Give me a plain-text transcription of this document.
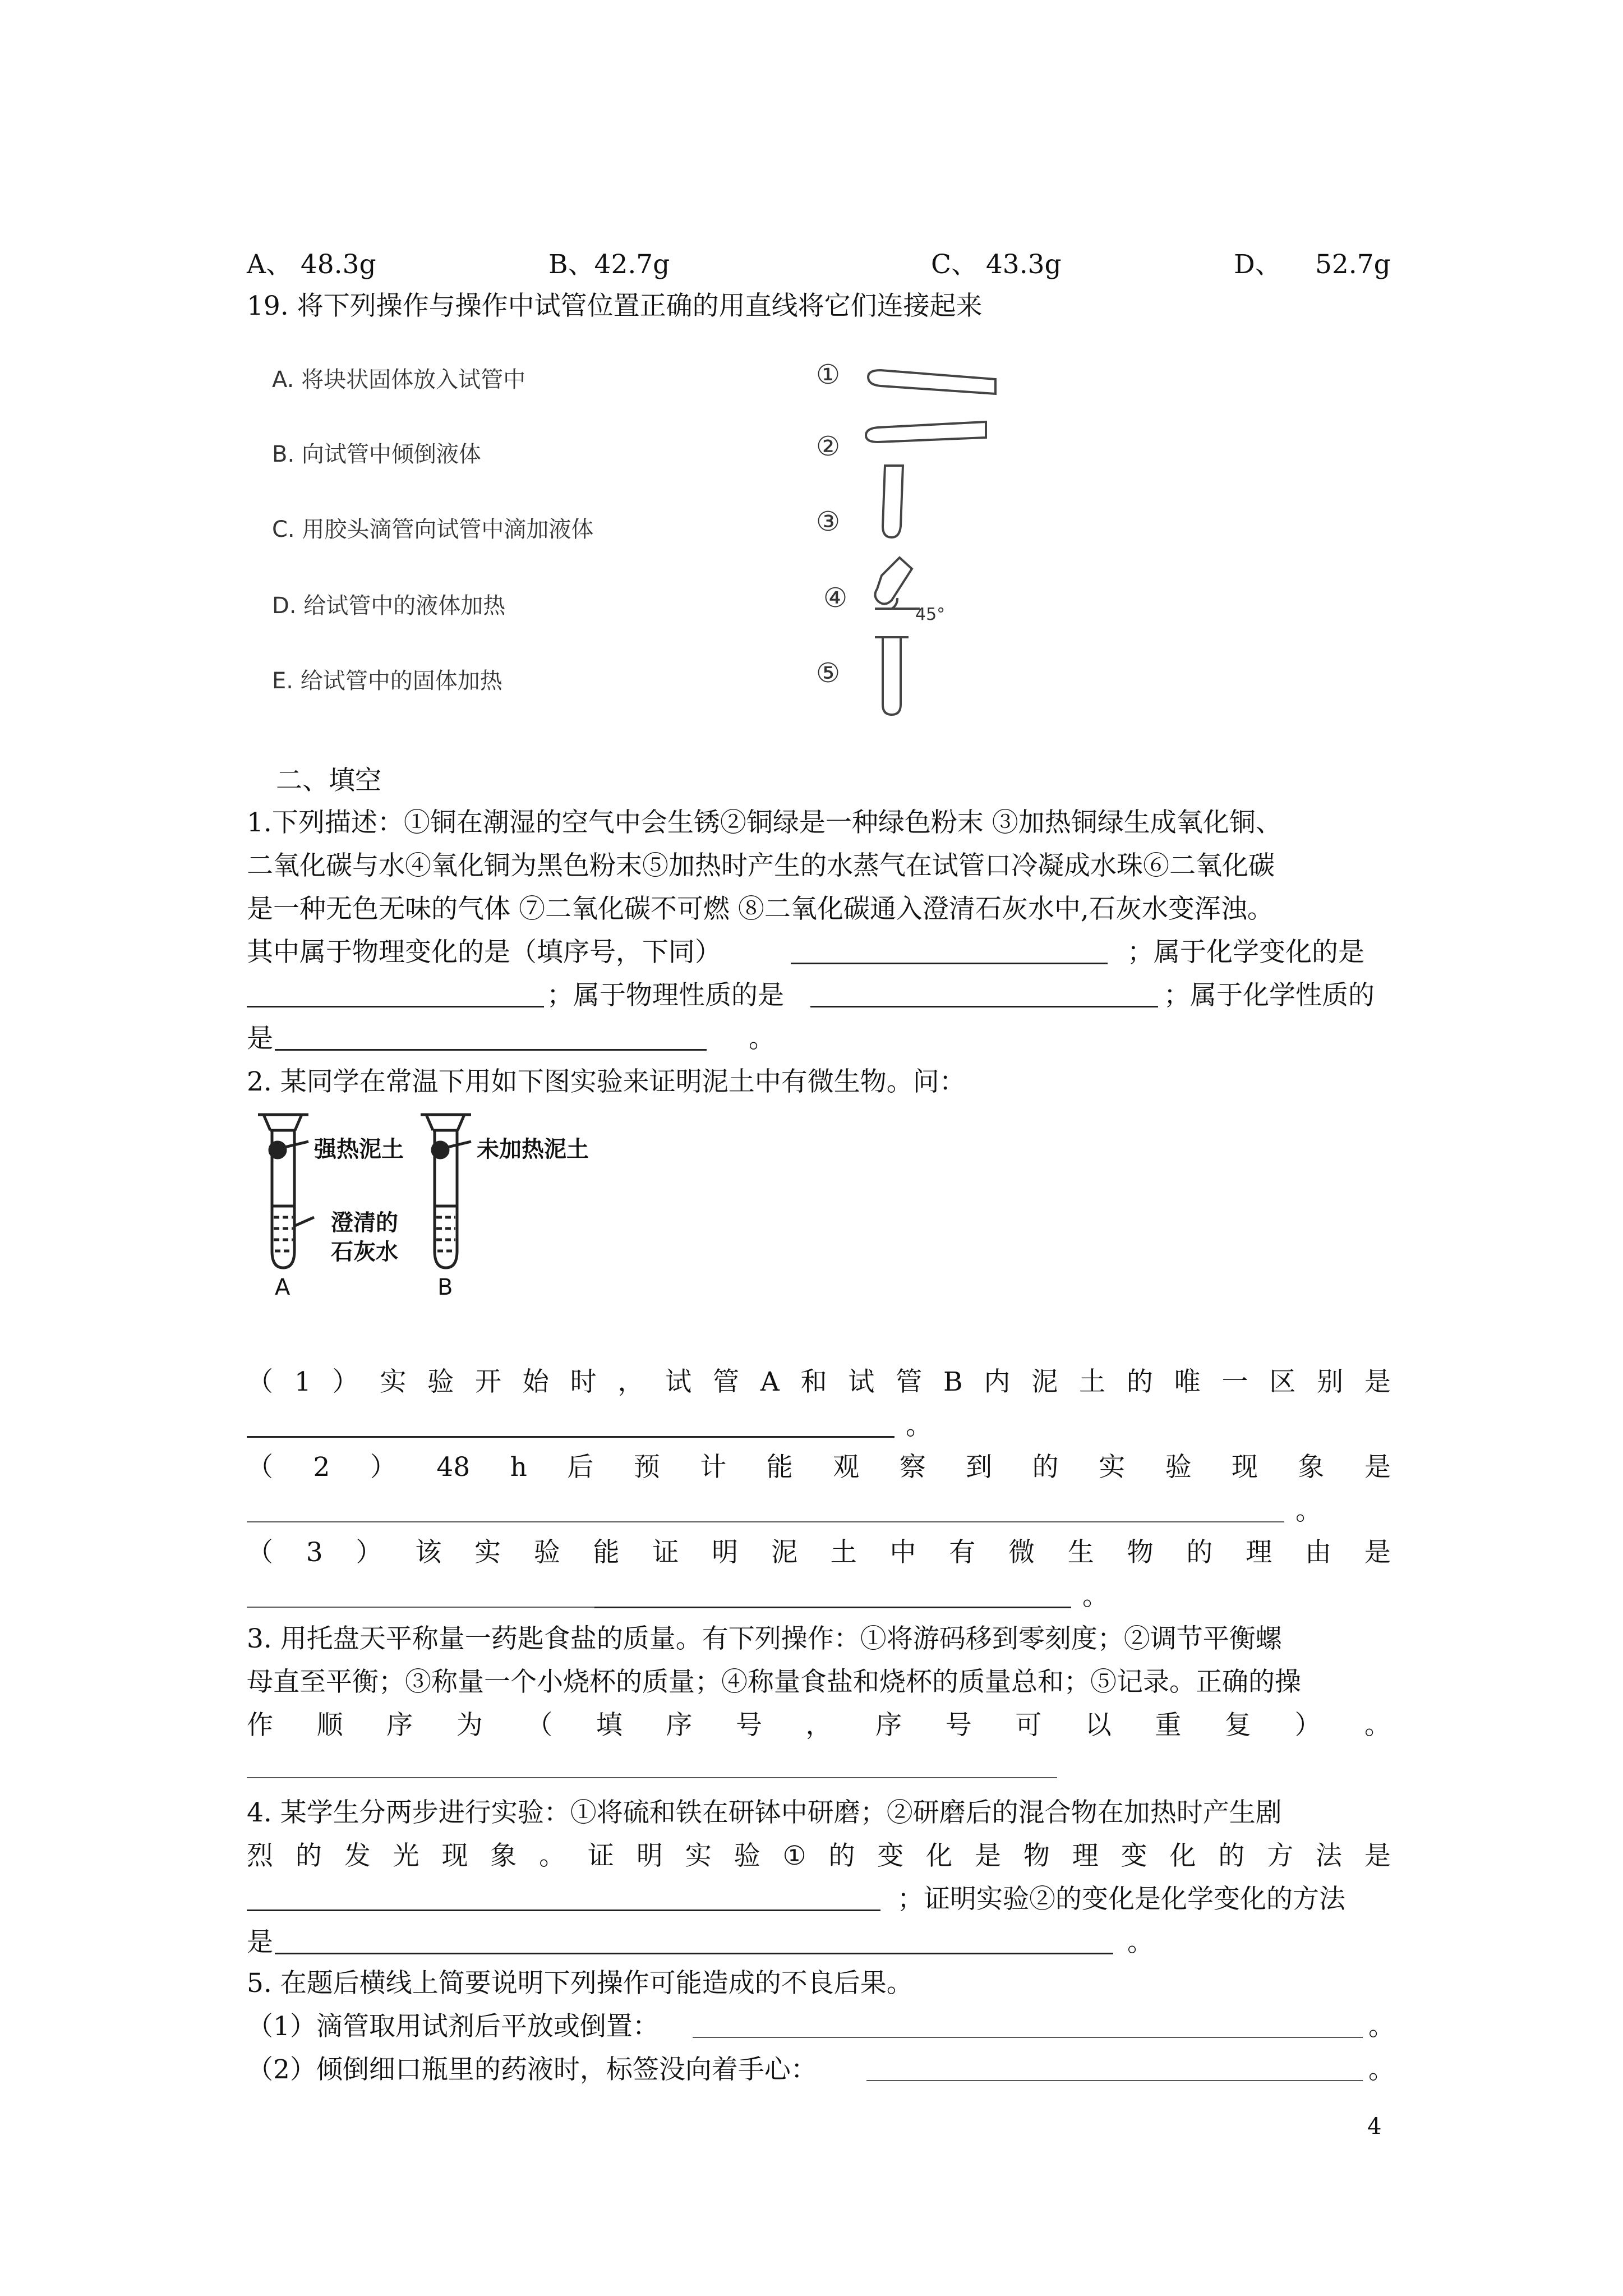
A、 48.3g	B、42.7g	C、 43.3g	D、 52.7g
19. 将下列操作与操作中试管位置正确的用直线将它们连接起来
A. 将块状固体放入试管中
B. 向试管中倾倒液体
C. 用胶头滴管向试管中滴加液体
D. 给试管中的液体加热
E. 给试管中的固体加热
①
②
③
④
⑤
45°
二、填空
1.下列描述：①铜在潮湿的空气中会生锈②铜绿是一种绿色粉末 ③加热铜绿生成氧化铜、
二氧化碳与水④氧化铜为黑色粉末⑤加热时产生的水蒸气在试管口冷凝成水珠⑥二氧化碳
是一种无色无味的气体 ⑦二氧化碳不可燃 ⑧二氧化碳通入澄清石灰水中,石灰水变浑浊。
其中属于物理变化的是（填序号，下同）	；属于化学变化的是
；属于物理性质的是	；属于化学性质的
是	。
2. 某同学在常温下用如下图实验来证明泥土中有微生物。问：
强热泥土	未加热泥土
澄清的
石灰水
A	B
（ 1 ） 实 验 开 始 时 ， 试 管 A 和 试 管 B 内 泥 土 的 唯 一 区 别 是
。
（ 2 ） 48 h 后 预 计 能 观 察 到 的 实 验 现 象 是
。
（ 3 ） 该 实 验 能 证 明 泥 土 中 有 微 生 物 的 理 由 是
。
3. 用托盘天平称量一药匙食盐的质量。有下列操作：①将游码移到零刻度；②调节平衡螺
母直至平衡；③称量一个小烧杯的质量；④称量食盐和烧杯的质量总和；⑤记录。正确的操
作 顺 序 为 （ 填 序 号 ， 序 号 可 以 重 复 ） 。
4. 某学生分两步进行实验：①将硫和铁在研钵中研磨；②研磨后的混合物在加热时产生剧
烈 的 发 光 现 象 。 证 明 实 验 ① 的 变 化 是 物 理 变 化 的 方 法 是
；证明实验②的变化是化学变化的方法
是	。
5. 在题后横线上简要说明下列操作可能造成的不良后果。
（1）滴管取用试剂后平放或倒置：	。
（2）倾倒细口瓶里的药液时，标签没向着手心：	。
4
